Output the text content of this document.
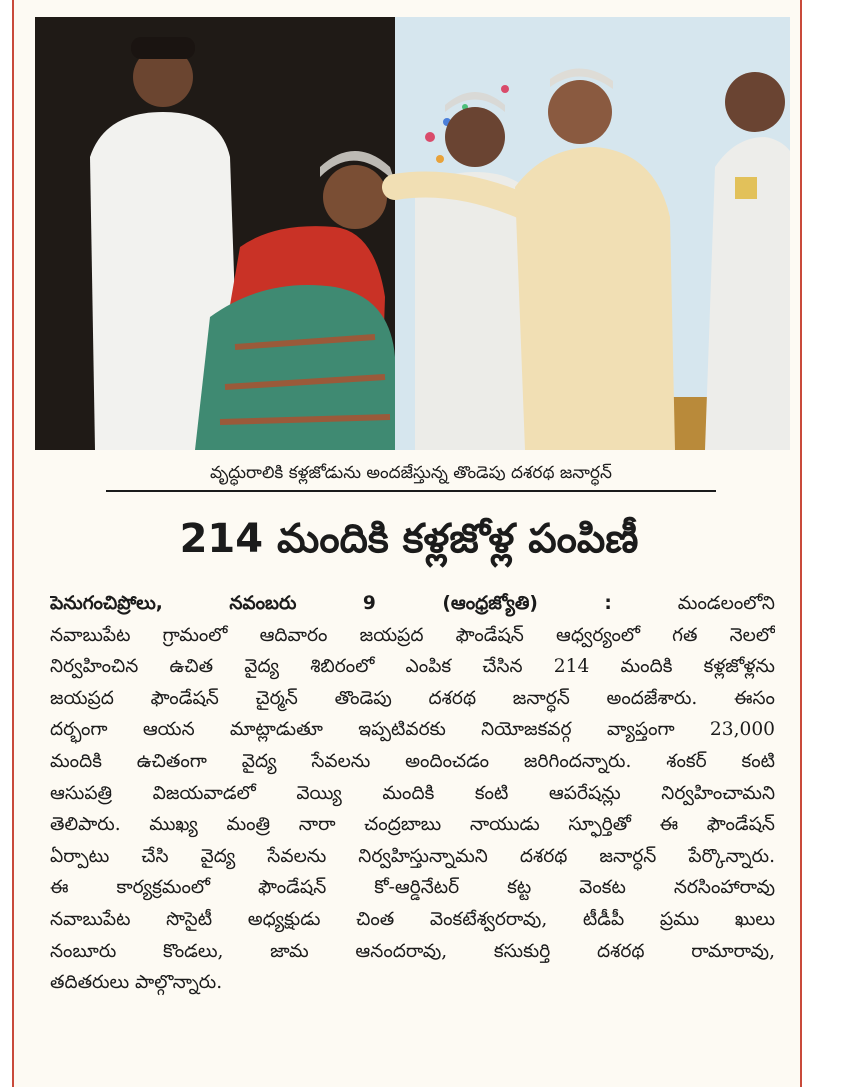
వృద్ధురాలికి కళ్లజోడును అందజేస్తున్న తొండెపు దశరథ జనార్ధన్
214 మందికి కళ్లజోళ్ల పంపిణీ
పెనుగంచిప్రోలు, నవంబరు 9 (ఆంధ్రజ్యోతి) :	మండలంలోని
నవాబుపేట గ్రామంలో ఆదివారం జయప్రద ఫౌండేషన్ ఆధ్వర్యంలో గత నెలలో
నిర్వహించిన ఉచిత వైద్య శిబిరంలో ఎంపిక చేసిన 214 మందికి కళ్లజోళ్లను
జయప్రద ఫౌండేషన్ చైర్మన్ తొండెపు దశరథ జనార్ధన్ అందజేశారు. ఈసం
దర్భంగా ఆయన మాట్లాడుతూ ఇప్పటివరకు నియోజకవర్గ వ్యాప్తంగా 23,000
మందికి ఉచితంగా వైద్య సేవలను అందించడం జరిగిందన్నారు. శంకర్ కంటి
ఆసుపత్రి విజయవాడలో వెయ్యి మందికి కంటి ఆపరేషన్లు నిర్వహించామని
తెలిపారు. ముఖ్య మంత్రి నారా చంద్రబాబు నాయుడు స్ఫూర్తితో ఈ ఫౌండేషన్
ఏర్పాటు చేసి వైద్య సేవలను నిర్వహిస్తున్నామని దశరథ జనార్ధన్ పేర్కొన్నారు.
ఈ కార్యక్రమంలో ఫౌండేషన్ కో-ఆర్డినేటర్ కట్ట వెంకట నరసింహారావు
నవాబుపేట సొసైటీ అధ్యక్షుడు చింత వెంకటేశ్వరరావు, టీడీపీ ప్రము ఖులు
నంబూరు కొండలు, జామ ఆనందరావు, కసుకుర్తి దశరథ రామారావు,
తదితరులు పాల్గొన్నారు.
